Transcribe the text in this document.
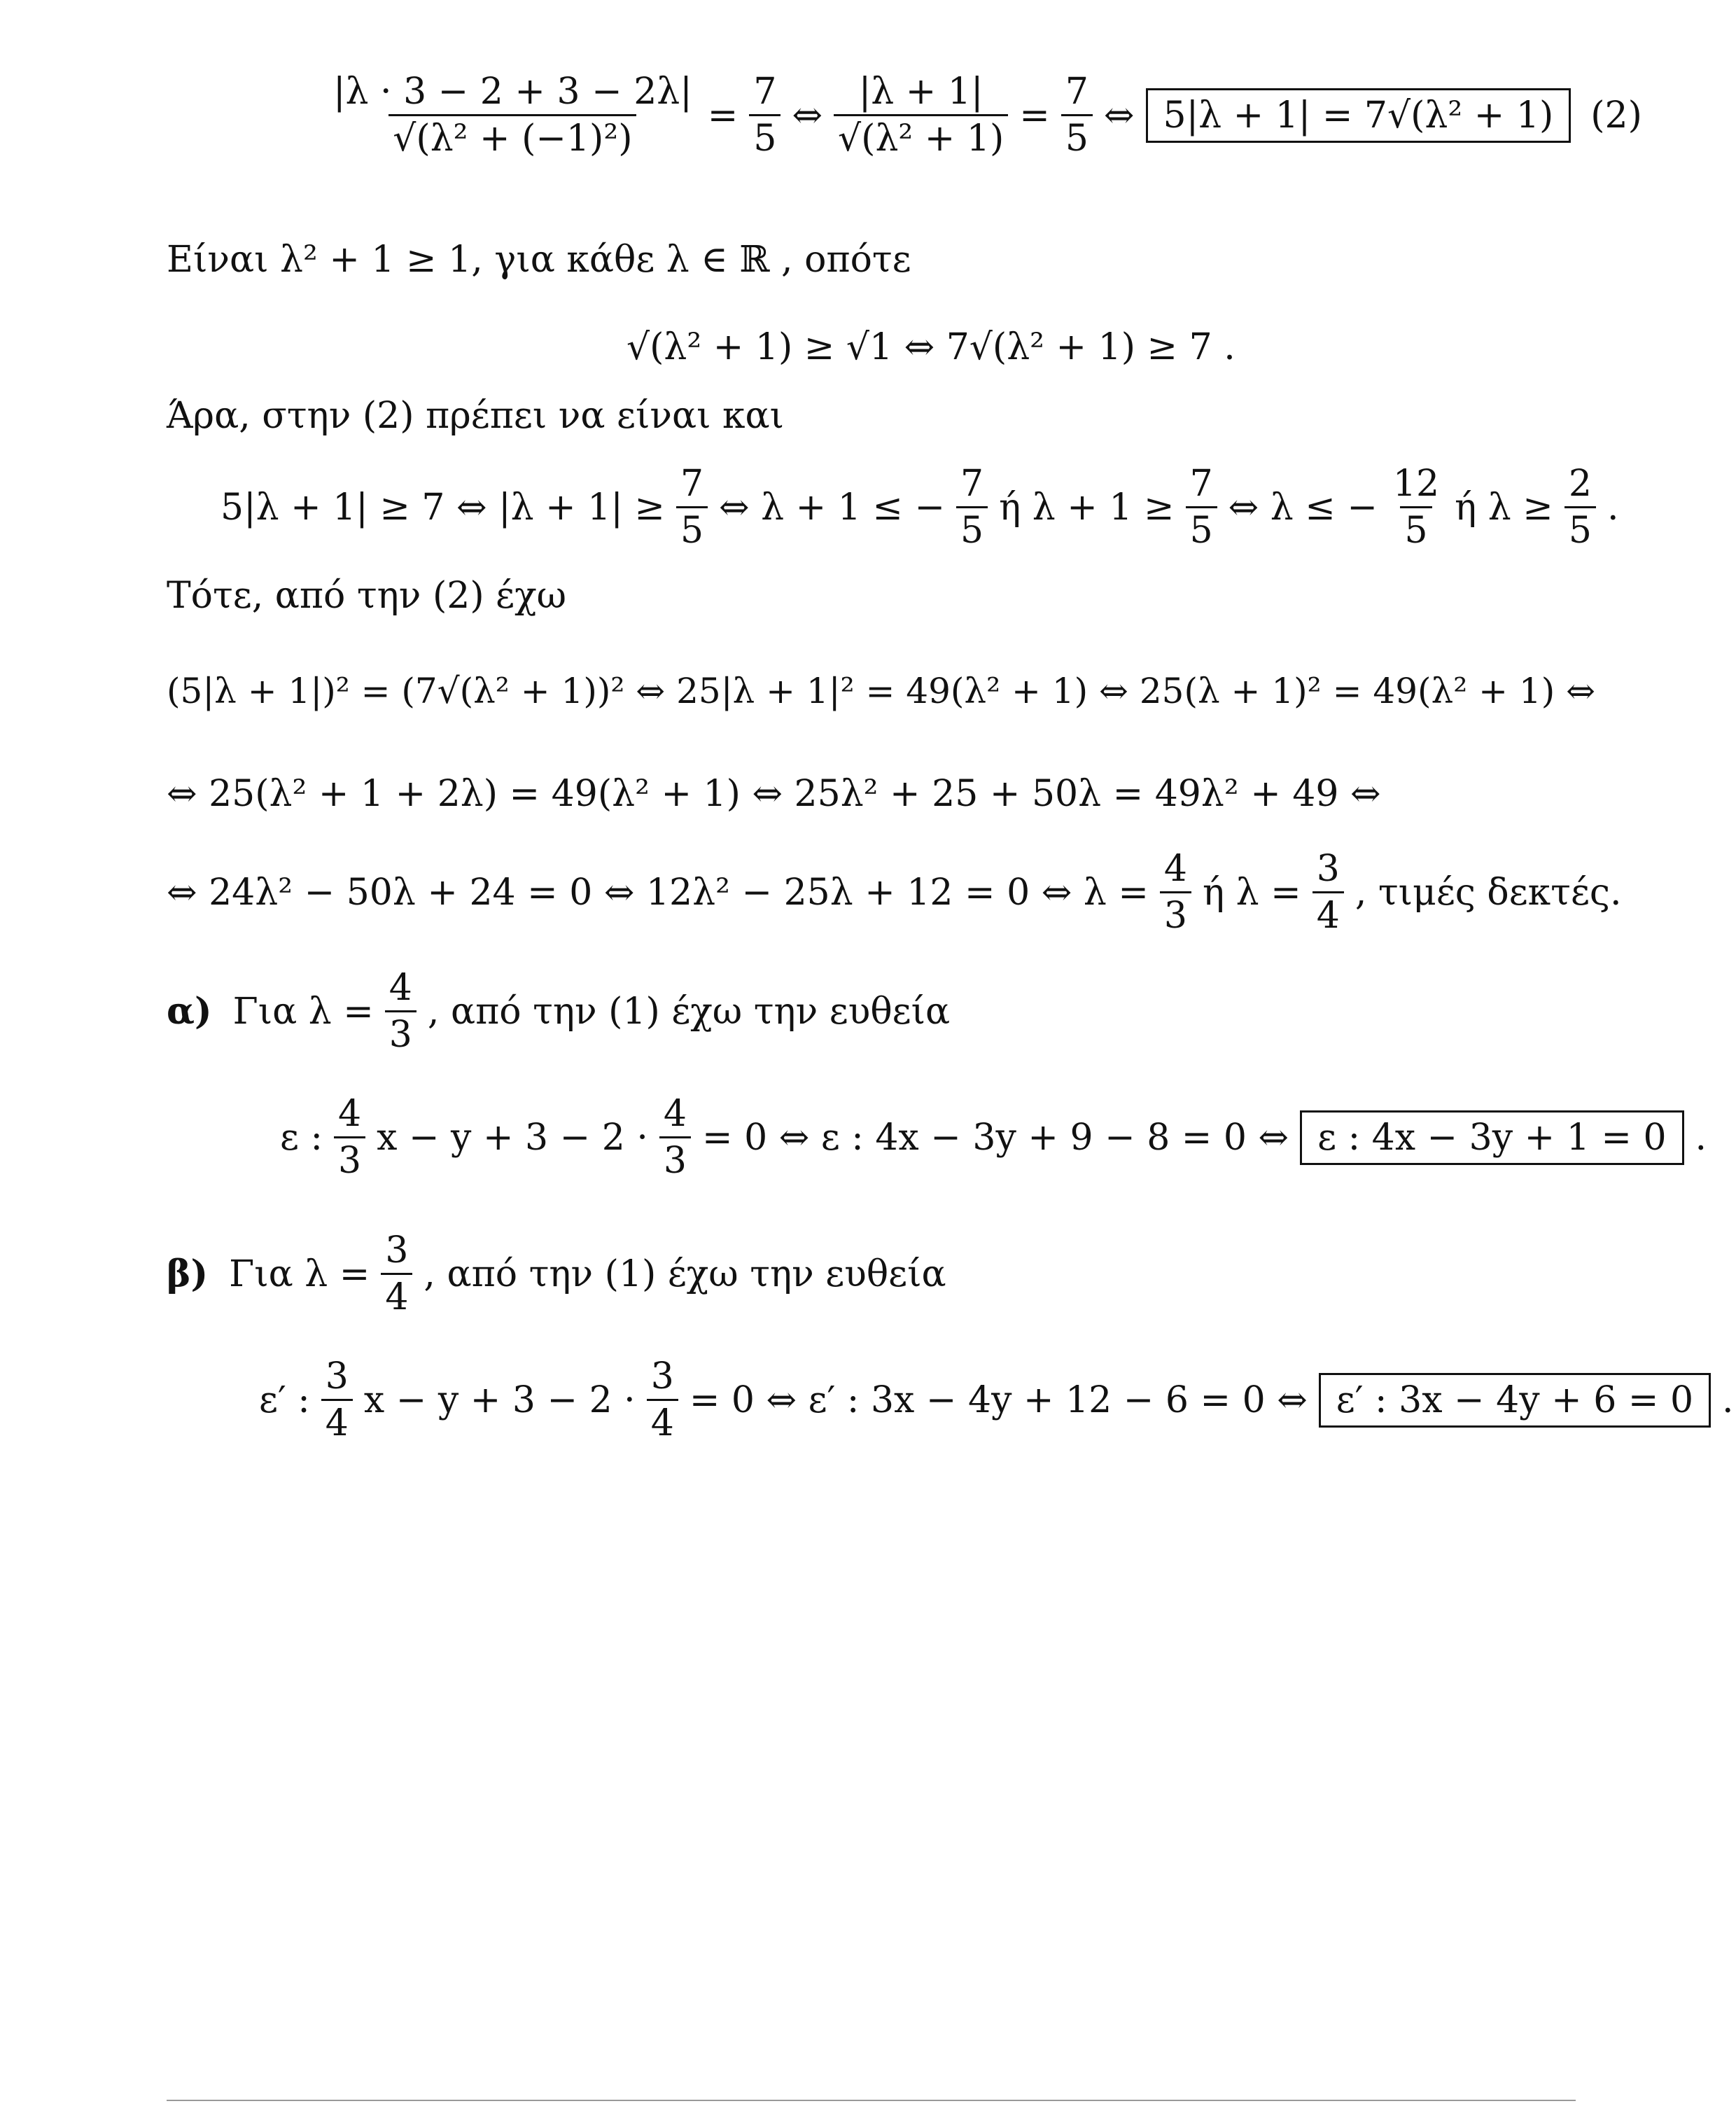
$\frac{|\lambda \cdot 3 - 2 + 3 - 2\lambda|}{\text{√(λ² + (−1)²)}} = \frac{7}{5}$ ⇔ $\frac{|\lambda + 1|}{\text{√(λ² + 1)}} = \frac{7}{5}$ ⇔ 5|λ + 1| = 7√(λ² + 1)	(2)
Είναι λ² + 1 ≥ 1, για κάθε λ ∈ ℝ , οπότε
√(λ² + 1) ≥ √1 ⇔ 7√(λ² + 1) ≥ 7 .
Άρα, στην (2) πρέπει να είναι και
5|λ + 1| ≥ 7 ⇔ $|\lambda + 1| \ge \frac{7}{5}$ ⇔ λ + 1 ≤ − $\frac{7}{5}$ ή $\lambda + 1 \ge \frac{7}{5}$ ⇔ λ ≤ − $\frac{12}{5}$ ή $\lambda \ge \frac{2}{5}$ .
Τότε, από την (2) έχω
(5|λ + 1|)² = (7√(λ² + 1))² ⇔ 25|λ + 1|² = 49(λ² + 1) ⇔ 25(λ + 1)² = 49(λ² + 1) ⇔
⇔ 25(λ² + 1 + 2λ) = 49(λ² + 1) ⇔ 25λ² + 25 + 50λ = 49λ² + 49 ⇔
⇔ 24λ² − 50λ + 24 = 0 ⇔ 12λ² − 25λ + 12 = 0 ⇔ $\lambda = \frac{4}{3}$ ή $\lambda = \frac{3}{4}$ , τιμές δεκτές.
α) Για $\lambda = \frac{4}{3}$ , από την (1) έχω την ευθεία
ε : $\frac{4}{3}$ $x - y + 3 - 2 \cdot \frac{4}{3} = 0$ ⇔ ε : 4x − 3y + 9 − 8 = 0 ⇔ ε : 4x − 3y + 1 = 0 .
β) Για $\lambda = \frac{3}{4}$ , από την (1) έχω την ευθεία
ε′ : $\frac{3}{4}$ $x - y + 3 - 2 \cdot \frac{3}{4} = 0$ ⇔ ε′ : 3x − 4y + 12 − 6 = 0 ⇔ ε′ : 3x − 4y + 6 = 0 .
